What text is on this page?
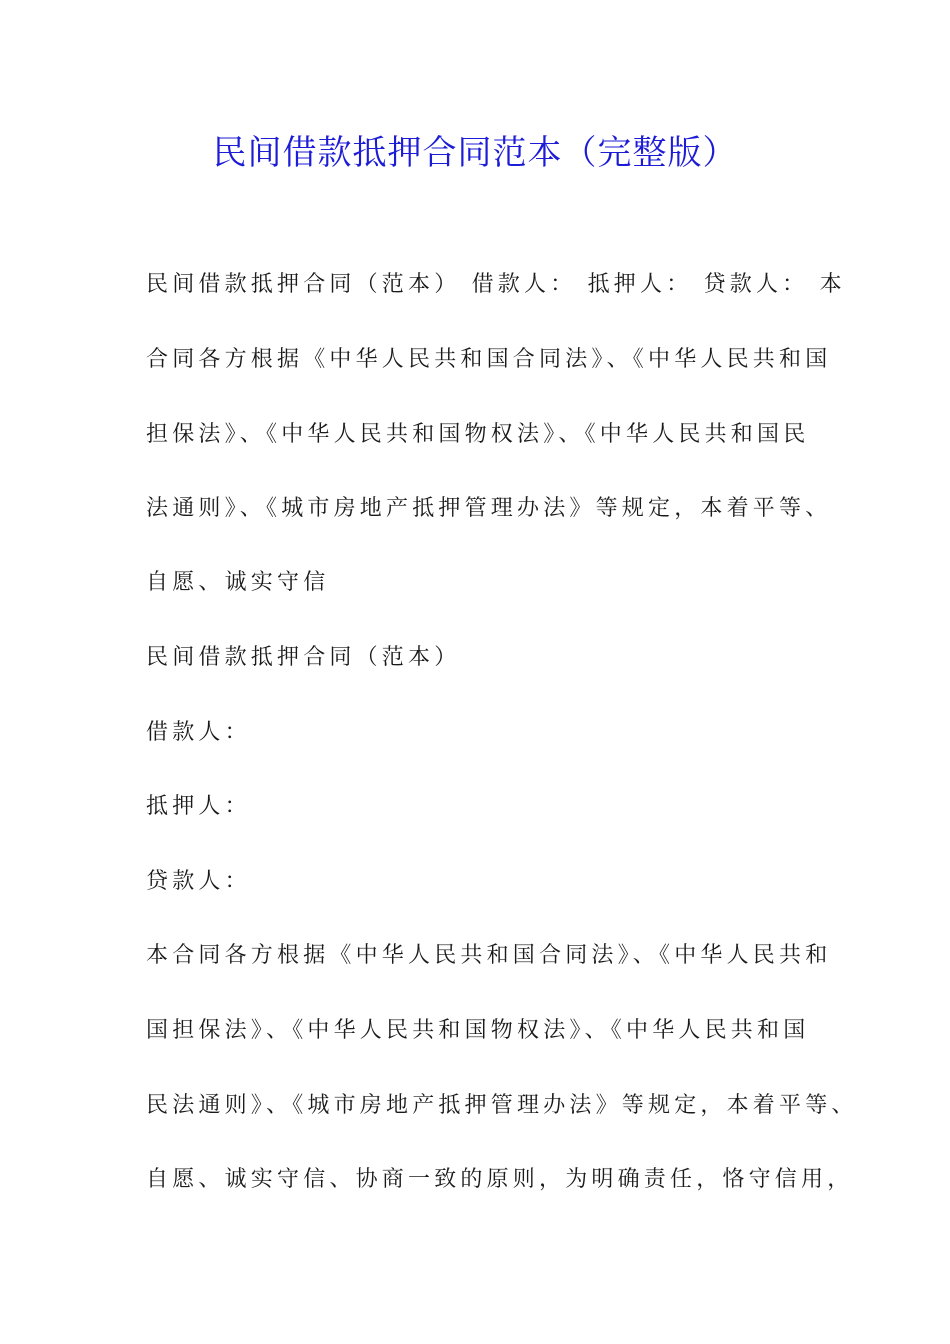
民间借款抵押合同范本（完整版）

民间借款抵押合同（范本） 借款人： 抵押人： 贷款人： 本

合同各方根据《中华人民共和国合同法》、《中华人民共和国

担保法》、《中华人民共和国物权法》、《中华人民共和国民

法通则》、《城市房地产抵押管理办法》等规定，本着平等、

自愿、诚实守信

民间借款抵押合同（范本）

借款人：

抵押人：

贷款人：

本合同各方根据《中华人民共和国合同法》、《中华人民共和

国担保法》、《中华人民共和国物权法》、《中华人民共和国

民法通则》、《城市房地产抵押管理办法》等规定，本着平等、

自愿、诚实守信、协商一致的原则，为明确责任，恪守信用，
